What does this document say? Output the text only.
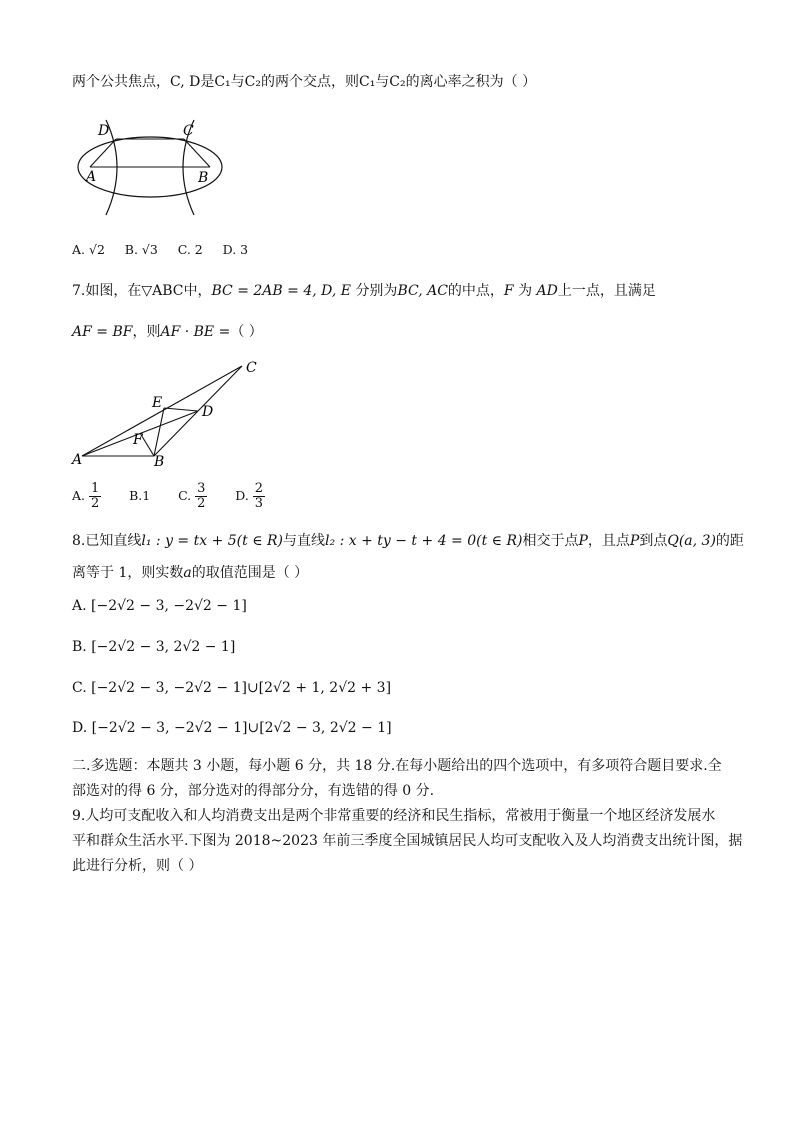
两个公共焦点，C, D是C₁与C₂的两个交点，则C₁与C₂的离心率之积为（ ）
D	C
A	B
A. √2 B. √3 C. 2 D. 3
7.如图，在▽ABC中，BC = 2AB = 4, D, E 分别为BC, AC的中点，F 为 AD上一点，且满足
AF = BF，则AF · BE =（ ）
C
E
D
F
A	B
A. $\frac{1}{2} B.1$ C. $\frac{3}{2} D$. $\frac{2}{3}$
8.已知直线l₁ : y = tx + 5(t ∈ R)与直线l₂ : x + ty − t + 4 = 0(t ∈ R)相交于点P，且点P到点Q(a, 3)的距
离等于 1，则实数a的取值范围是（ ）
A. [−2√2 − 3, −2√2 − 1]
B. [−2√2 − 3, 2√2 − 1]
C. [−2√2 − 3, −2√2 − 1]∪[2√2 + 1, 2√2 + 3]
D. [−2√2 − 3, −2√2 − 1]∪[2√2 − 3, 2√2 − 1]
二.多选题：本题共 3 小题，每小题 6 分，共 18 分.在每小题给出的四个选项中，有多项符合题目要求.全
部选对的得 6 分，部分选对的得部分分，有选错的得 0 分.
9.人均可支配收入和人均消费支出是两个非常重要的经济和民生指标，常被用于衡量一个地区经济发展水
平和群众生活水平.下图为 2018~2023 年前三季度全国城镇居民人均可支配收入及人均消费支出统计图，据
此进行分析，则（ ）
